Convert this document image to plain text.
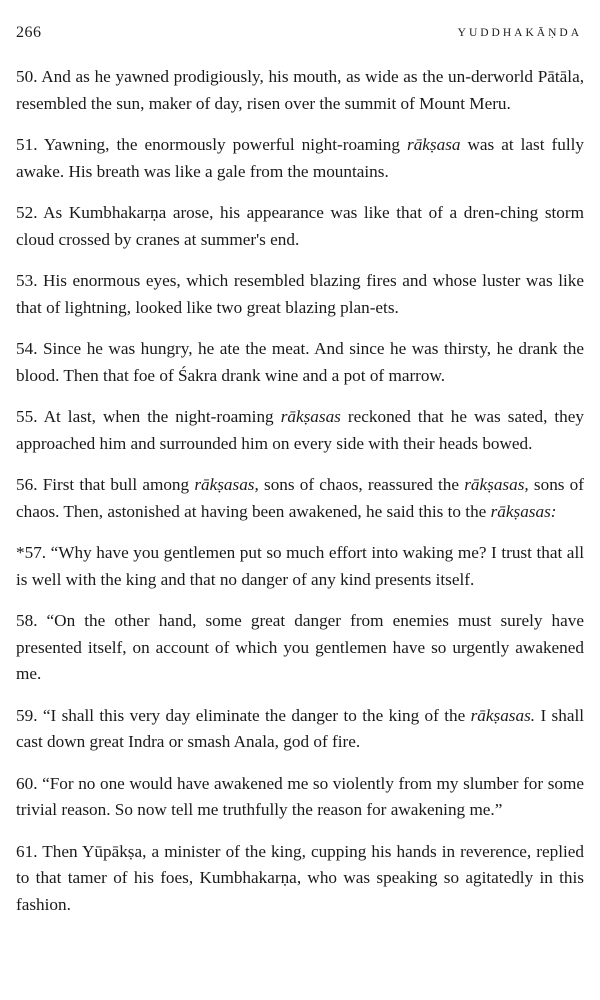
266	YUDDHAKĀṆDA

50. And as he yawned prodigiously, his mouth, as wide as the un-derworld Pātāla, resembled the sun, maker of day, risen over the summit of Mount Meru.

51. Yawning, the enormously powerful night-roaming rākṣasa was at last fully awake. His breath was like a gale from the mountains.

52. As Kumbhakarṇa arose, his appearance was like that of a dren-ching storm cloud crossed by cranes at summer's end.

53. His enormous eyes, which resembled blazing fires and whose luster was like that of lightning, looked like two great blazing plan-ets.

54. Since he was hungry, he ate the meat. And since he was thirsty, he drank the blood. Then that foe of Śakra drank wine and a pot of marrow.

55. At last, when the night-roaming rākṣasas reckoned that he was sated, they approached him and surrounded him on every side with their heads bowed.

56. First that bull among rākṣasas, sons of chaos, reassured the rākṣasas, sons of chaos. Then, astonished at having been awakened, he said this to the rākṣasas:

*57. “Why have you gentlemen put so much effort into waking me? I trust that all is well with the king and that no danger of any kind presents itself.

58. “On the other hand, some great danger from enemies must surely have presented itself, on account of which you gentlemen have so urgently awakened me.

59. “I shall this very day eliminate the danger to the king of the rākṣasas. I shall cast down great Indra or smash Anala, god of fire.

60. “For no one would have awakened me so violently from my slumber for some trivial reason. So now tell me truthfully the reason for awakening me.”

61. Then Yūpākṣa, a minister of the king, cupping his hands in reverence, replied to that tamer of his foes, Kumbhakarṇa, who was speaking so agitatedly in this fashion.
